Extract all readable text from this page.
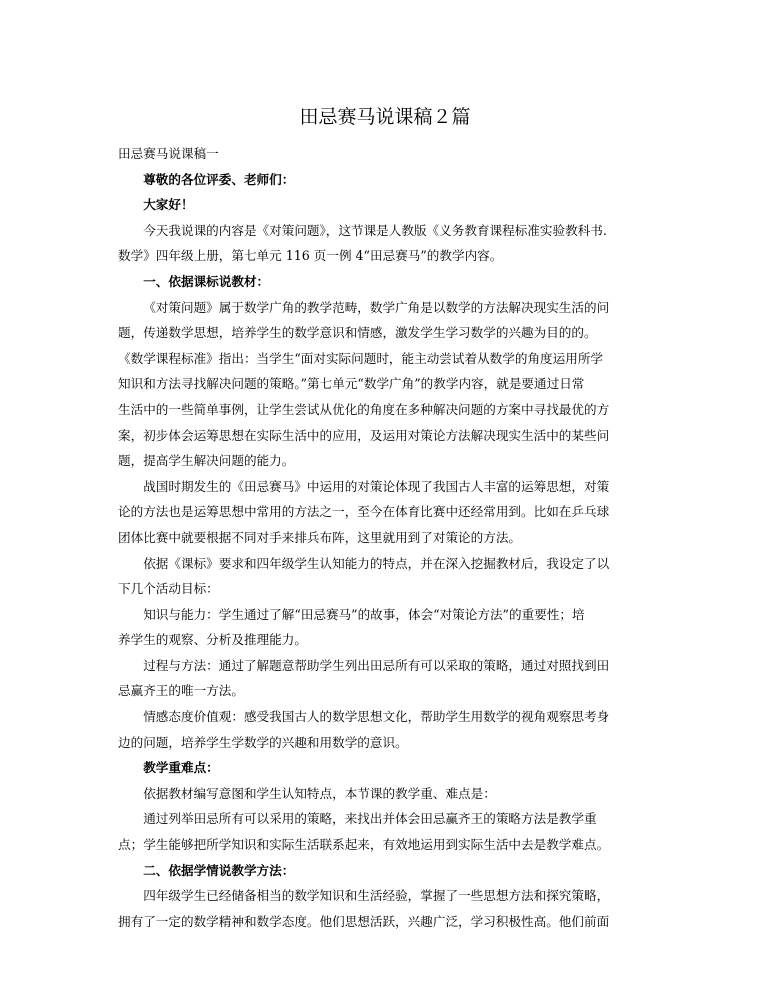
田忌赛马说课稿２篇

田忌赛马说课稿一

尊敬的各位评委、老师们：

大家好！

今天我说课的内容是《对策问题》，这节课是人教版《义务教育课程标准实验教科书.
数学》四年级上册，第七单元 116 页一例 4“田忌赛马”的教学内容。

一、依据课标说教材：

《对策问题》属于数学广角的教学范畴，数学广角是以数学的方法解决现实生活的问
题，传递数学思想，培养学生的数学意识和情感，激发学生学习数学的兴趣为目的的。
《数学课程标准》指出：当学生“面对实际问题时，能主动尝试着从数学的角度运用所学
知识和方法寻找解决问题的策略。”第七单元“数学广角”的教学内容，就是要通过日常
生活中的一些简单事例，让学生尝试从优化的角度在多种解决问题的方案中寻找最优的方
案，初步体会运筹思想在实际生活中的应用，及运用对策论方法解决现实生活中的某些问
题，提高学生解决问题的能力。

战国时期发生的《田忌赛马》中运用的对策论体现了我国古人丰富的运筹思想，对策
论的方法也是运筹思想中常用的方法之一，至今在体育比赛中还经常用到。比如在乒乓球
团体比赛中就要根据不同对手来排兵布阵，这里就用到了对策论的方法。

依据《课标》要求和四年级学生认知能力的特点，并在深入挖掘教材后，我设定了以
下几个活动目标：

知识与能力：学生通过了解“田忌赛马”的故事，体会“对策论方法”的重要性；培
养学生的观察、分析及推理能力。

过程与方法：通过了解题意帮助学生列出田忌所有可以采取的策略，通过对照找到田
忌赢齐王的唯一方法。

情感态度价值观：感受我国古人的数学思想文化，帮助学生用数学的视角观察思考身
边的问题，培养学生学数学的兴趣和用数学的意识。

教学重难点：

依据教材编写意图和学生认知特点，本节课的教学重、难点是：

通过列举田忌所有可以采用的策略，来找出并体会田忌赢齐王的策略方法是教学重
点；学生能够把所学知识和实际生活联系起来，有效地运用到实际生活中去是教学难点。

二、依据学情说教学方法：

四年级学生已经储备相当的数学知识和生活经验，掌握了一些思想方法和探究策略，
拥有了一定的数学精神和数学态度。他们思想活跃，兴趣广泛，学习积极性高。他们前面
